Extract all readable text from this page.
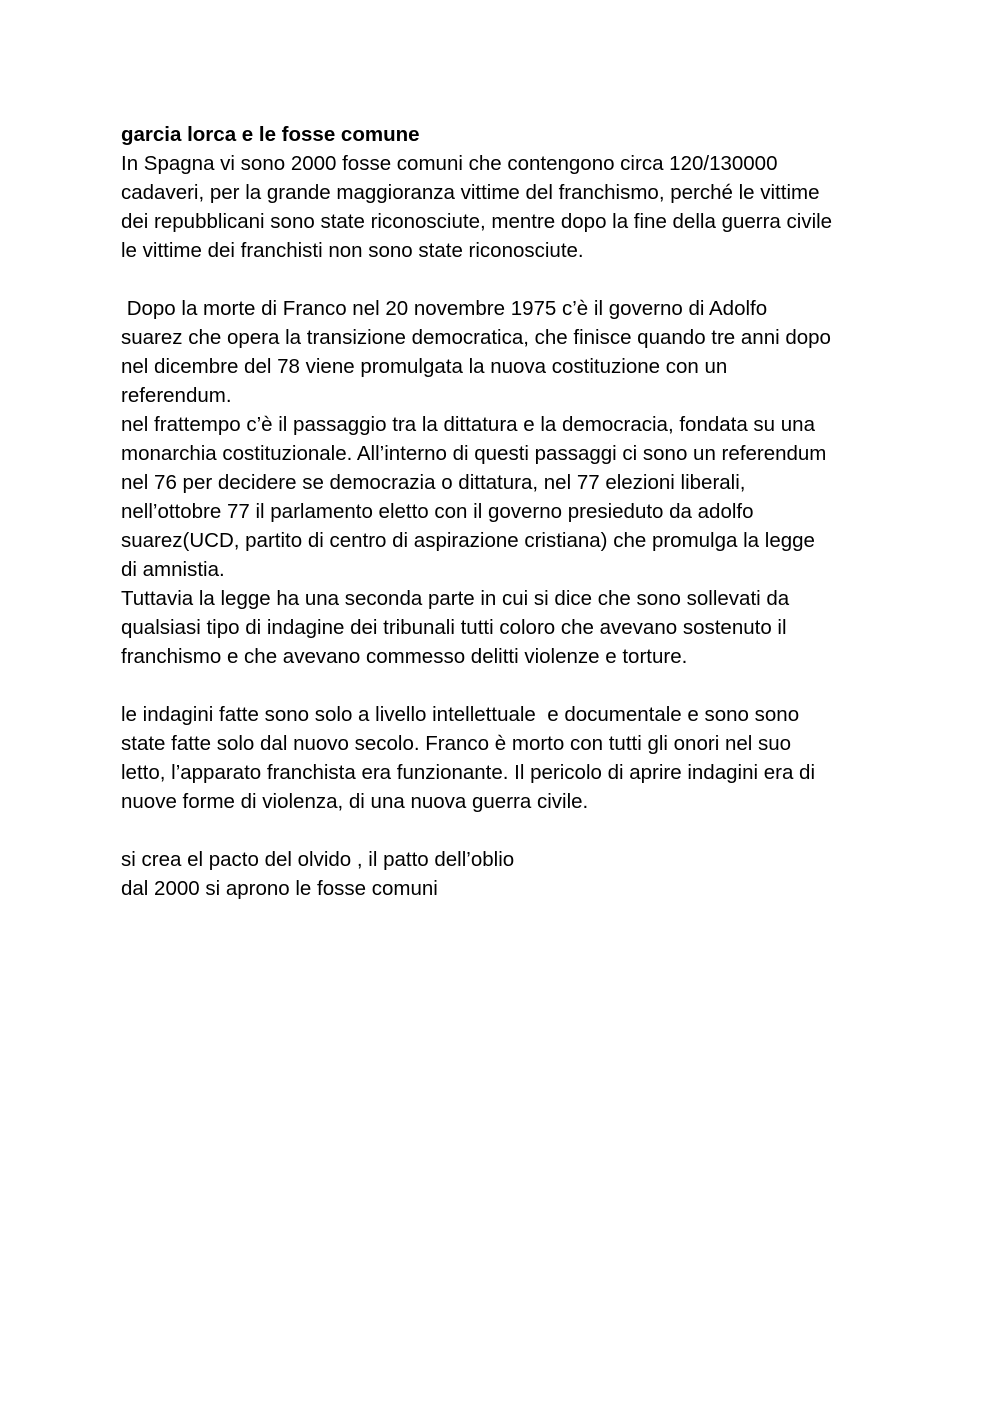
garcia lorca e le fosse comune
In Spagna vi sono 2000 fosse comuni che contengono circa 120/130000
cadaveri, per la grande maggioranza vittime del franchismo, perché le vittime
dei repubblicani sono state riconosciute, mentre dopo la fine della guerra civile
le vittime dei franchisti non sono state riconosciute.
Dopo la morte di Franco nel 20 novembre 1975 c’è il governo di Adolfo
suarez che opera la transizione democratica, che finisce quando tre anni dopo
nel dicembre del 78 viene promulgata la nuova costituzione con un
referendum.
nel frattempo c’è il passaggio tra la dittatura e la democracia, fondata su una
monarchia costituzionale. All’interno di questi passaggi ci sono un referendum
nel 76 per decidere se democrazia o dittatura, nel 77 elezioni liberali,
nell’ottobre 77 il parlamento eletto con il governo presieduto da adolfo
suarez(UCD, partito di centro di aspirazione cristiana) che promulga la legge
di amnistia.
Tuttavia la legge ha una seconda parte in cui si dice che sono sollevati da
qualsiasi tipo di indagine dei tribunali tutti coloro che avevano sostenuto il
franchismo e che avevano commesso delitti violenze e torture.
le indagini fatte sono solo a livello intellettuale  e documentale e sono sono
state fatte solo dal nuovo secolo. Franco è morto con tutti gli onori nel suo
letto, l’apparato franchista era funzionante. Il pericolo di aprire indagini era di
nuove forme di violenza, di una nuova guerra civile.
si crea el pacto del olvido , il patto dell’oblio
dal 2000 si aprono le fosse comuni
